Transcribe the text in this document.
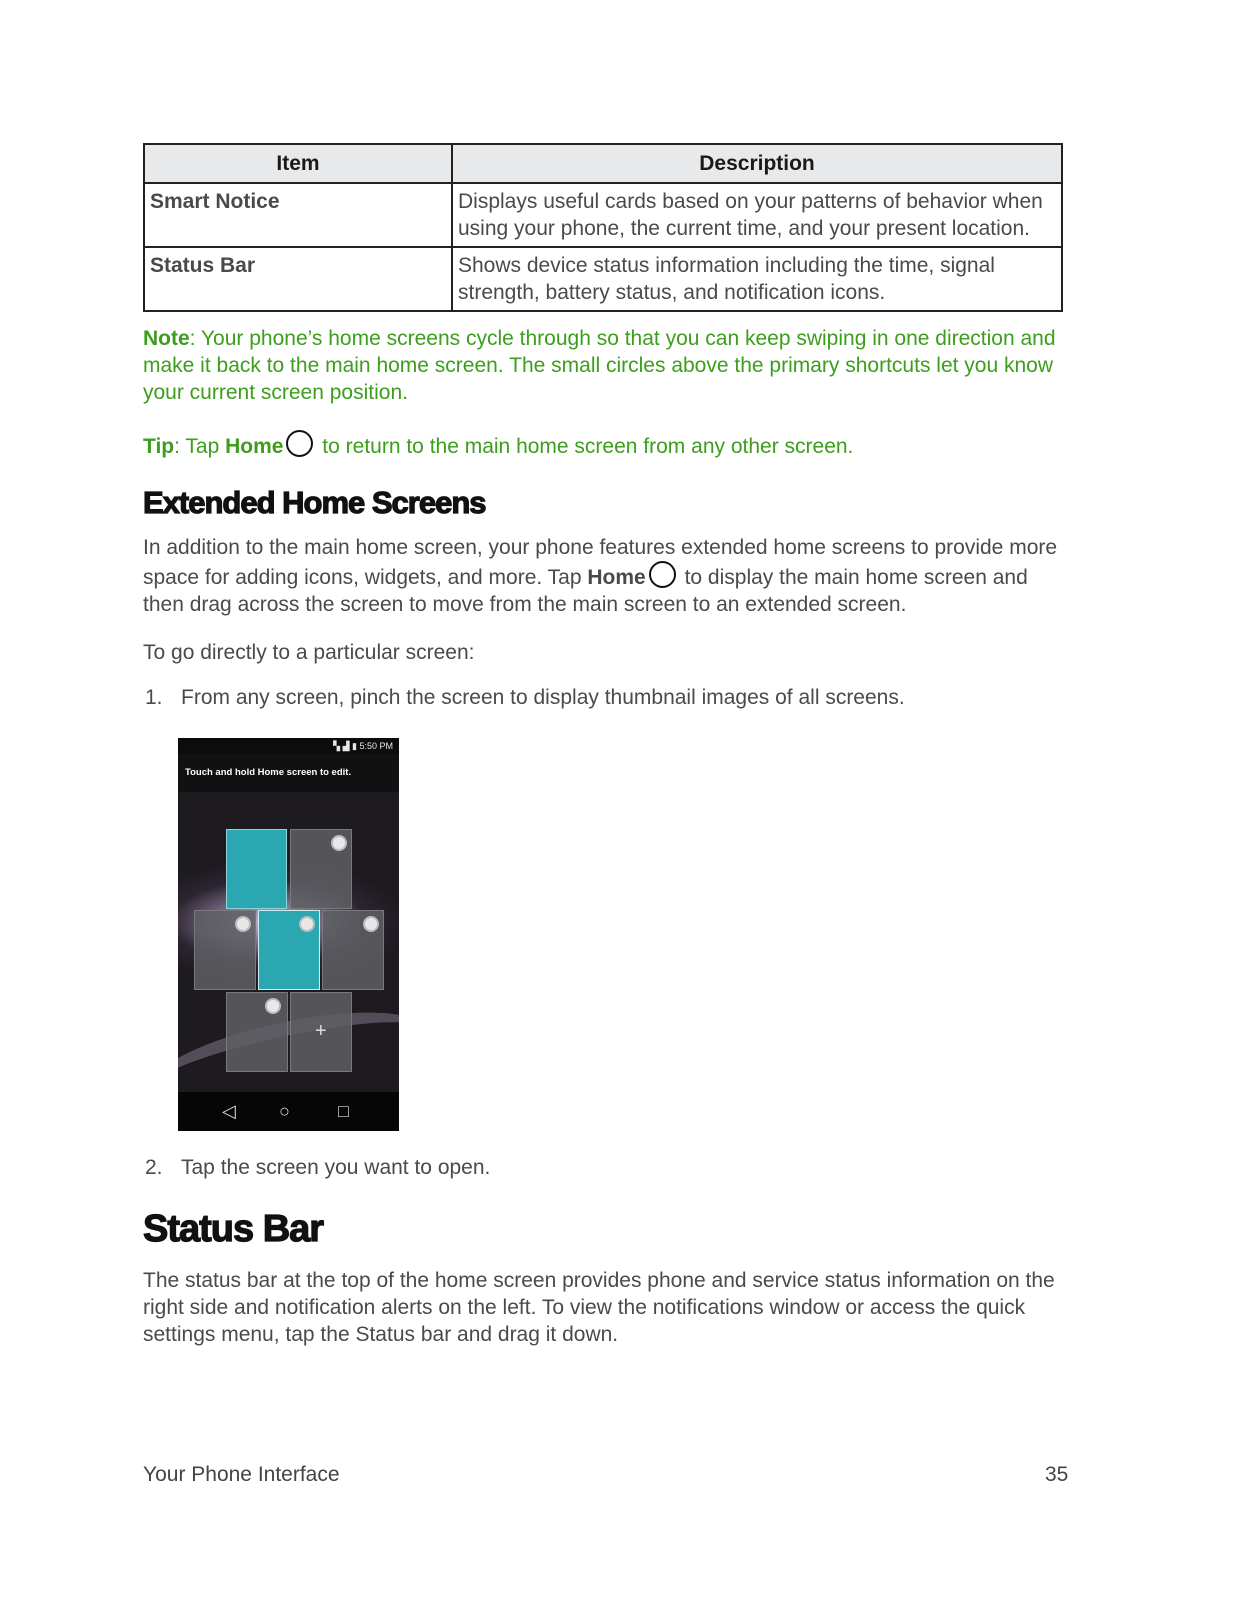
Item	Description
Smart Notice	Displays useful cards based on your patterns of behavior when using your phone, the current time, and your present location.
Status Bar	Shows device status information including the time, signal strength, battery status, and notification icons.
Note: Your phone’s home screens cycle through so that you can keep swiping in one direction and make it back to the main home screen. The small circles above the primary shortcuts let you know your current screen position.
Tip: Tap Home to return to the main home screen from any other screen.
Extended Home Screens
In addition to the main home screen, your phone features extended home screens to provide more space for adding icons, widgets, and more. Tap Home to display the main home screen and then drag across the screen to move from the main screen to an extended screen.
To go directly to a particular screen:
1. From any screen, pinch the screen to display thumbnail images of all screens.
▚ ▟ ▮ 5:50 PM
Touch and hold Home screen to edit.
+
◁ ○	□
2. Tap the screen you want to open.
Status Bar
The status bar at the top of the home screen provides phone and service status information on the right side and notification alerts on the left. To view the notifications window or access the quick settings menu, tap the Status bar and drag it down.
Your Phone Interface	35
